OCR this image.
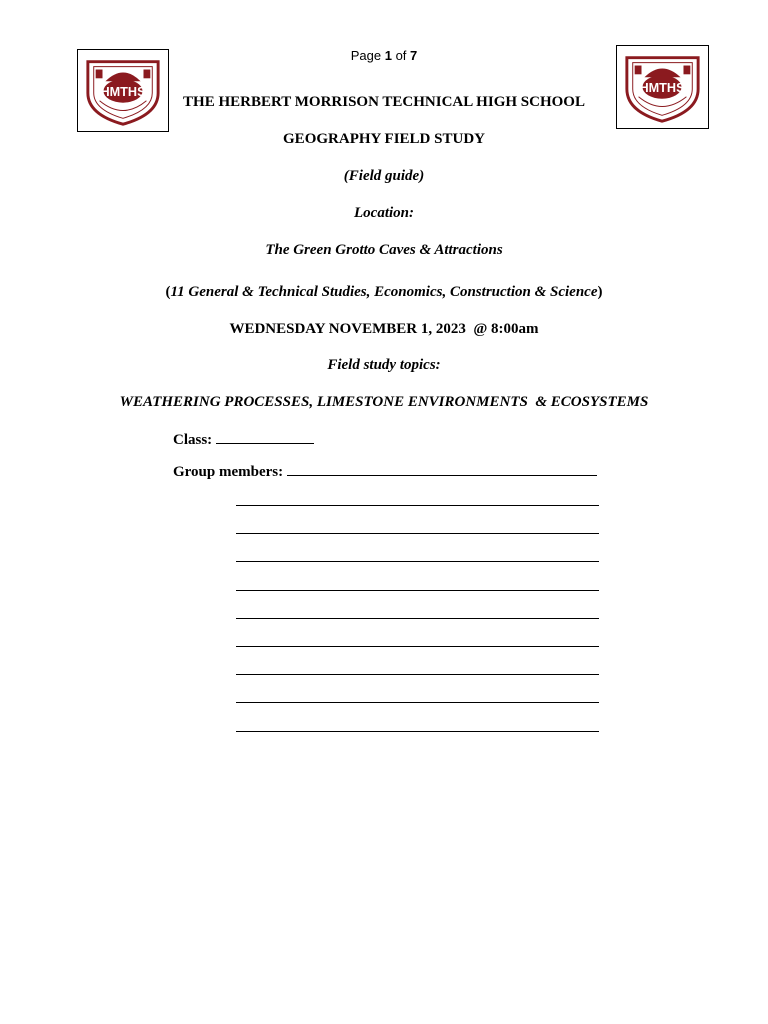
Page 1 of 7
HMTHS	HMTHS
THE HERBERT MORRISON TECHNICAL HIGH SCHOOL
GEOGRAPHY FIELD STUDY
(Field guide)
Location:
The Green Grotto Caves & Attractions
(11 General & Technical Studies, Economics, Construction & Science)
WEDNESDAY NOVEMBER 1, 2023  @ 8:00am
Field study topics:
WEATHERING PROCESSES, LIMESTONE ENVIRONMENTS  & ECOSYSTEMS
Class:
Group members:
